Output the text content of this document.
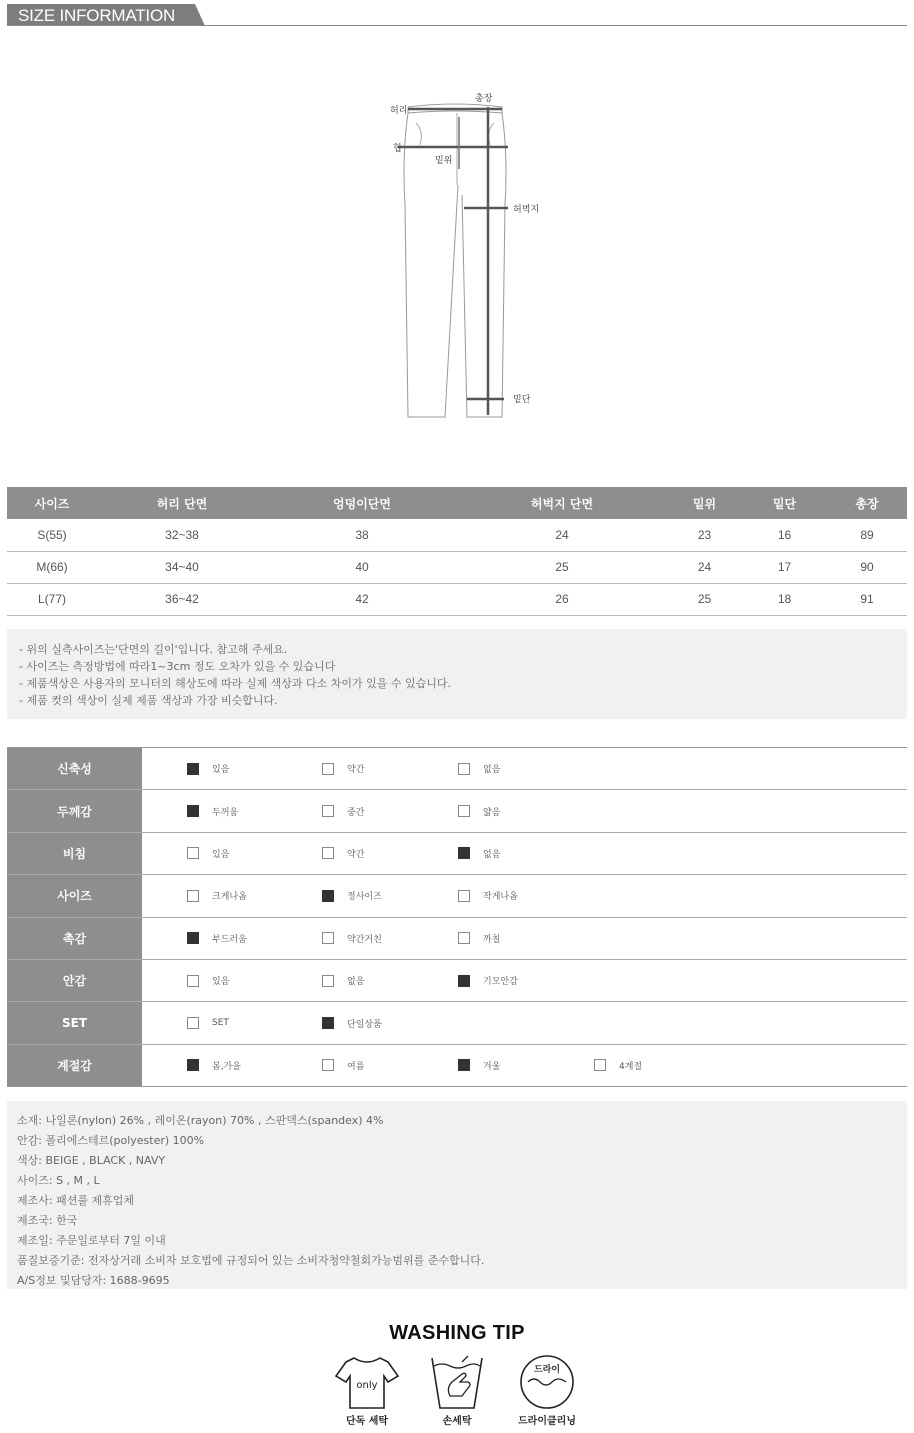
SIZE INFORMATION
허리
총장
힙
밑위
허벅지
밑단
사이즈	허리 단면	엉덩이단면	허벅지 단면	밑위	밑단	총장
S(55)	32~38	38	24	23	16	89
M(66)	34~40	40	25	24	17	90
L(77)	36~42	42	26	25	18	91

- 위의 실측사이즈는'단면의 길이'입니다. 참고해 주세요.

- 사이즈는 측정방법에 따라1~3cm 정도 오차가 있을 수 있습니다

- 제품색상은 사용자의 모니터의 해상도에 따라 실제 색상과 다소 차이가 있을 수 있습니다.

- 제품 컷의 색상이 실제 제품 색상과 가장 비슷합니다.

신축성	있음	약간	없음
두께감	두꺼움	중간	얇음
비침	있음	약간	없음
사이즈	크게나옴	정사이즈	작게나옴
촉감	부드러움	약간거친	까칠
안감	있음	없음	기모안감
SET	SET	단일상품
계절감	봄,가을	여름	겨울	4계절

소재: 나일론(nylon) 26% , 레이온(rayon) 70% , 스판덱스(spandex) 4%

안감: 폴리에스테르(polyester) 100%

색상: BEIGE , BLACK , NAVY

사이즈: S , M , L

제조사: 패션풀 제휴업체

제조국: 한국

제조일: 주문일로부터 7일 이내

품질보증기준: 전자상거래 소비자 보호법에 규정되어 있는 소비자청약철회가능범위를 준수합니다.

A/S정보 및담당자: 1688-9695

WASHING TIP
only
단독 세탁	손세탁
드라이
드라이클리닝
